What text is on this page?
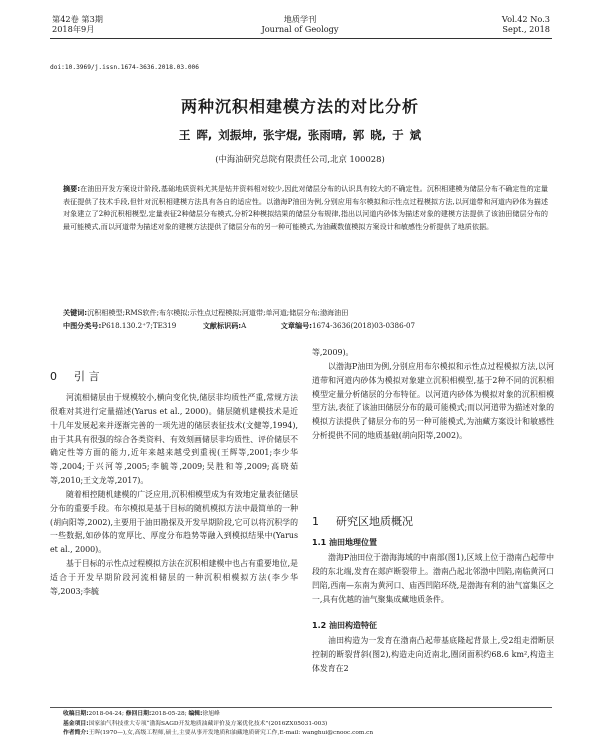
第42卷 第3期
2018年9月
地质学刊
Journal of Geology
Vol.42 No.3
Sept., 2018
doi:10.3969/j.issn.1674-3636.2018.03.006
两种沉积相建模方法的对比分析
王 晖, 刘振坤, 张宇焜, 张雨晴, 郭 晓, 于 斌
(中海油研究总院有限责任公司,北京 100028)
摘要:在油田开发方案设计阶段,基础地质资料尤其是钻井资料相对较少,因此对储层分布的认识具有较大的不确定性。沉积相建模为储层分布不确定性的定量表征提供了技术手段,但针对沉积相建模方法具有各自的适应性。以渤海P油田为例,分别应用布尔模拟和示性点过程模拟方法,以河道带和河道内砂体为描述对象建立了2种沉积相模型,定量表征2种储层分布模式,分析2种模拟结果的储层分布规律,指出以河道内砂体为描述对象的建模方法提供了该油田储层分布的最可能模式,而以河道带为描述对象的建模方法提供了储层分布的另一种可能模式,为油藏数值模拟方案设计和敏感性分析提供了地质依据。
关键词:沉积相模型;RMS软件;布尔模拟;示性点过程模拟;河道带;单河道;储层分布;渤海油田
中图分类号:P618.130.2⁺7;TE319	文献标识码:A	文章编号:1674-3636(2018)03-0386-07
0 引 言

河流相储层由于规模较小,横向变化快,储层非均质性严重,常规方法很难对其进行定量描述(Yarus et al., 2000)。储层随机建模技术是近十几年发展起来并逐渐完善的一项先进的储层表征技术(文健等,1994),由于其具有很强的综合各类资料、有效刻画储层非均质性、评价储层不确定性等方面的能力,近年来越来越受到重视(王辉等,2001;李少华等,2004;于兴河等,2005;李毓等,2009;吴胜和等,2009;高晓茹等,2010;王文龙等,2017)。

随着相控随机建模的广泛应用,沉积相模型成为有效地定量表征储层分布的重要手段。布尔模拟是基于目标的随机模拟方法中最简单的一种(胡向阳等,2002),主要用于油田勘探及开发早期阶段,它可以将沉积学的一些数据,如砂体的宽厚比、厚度分布趋势等融入到模拟结果中(Yarus et al., 2000)。

基于目标的示性点过程模拟方法在沉积相建模中也占有重要地位,是适合于开发早期阶段河流相储层的一种沉积相模拟方法(李少华等,2003;李毓

等,2009)。

以渤海P油田为例,分别应用布尔模拟和示性点过程模拟方法,以河道带和河道内砂体为模拟对象建立沉积相模型,基于2种不同的沉积相模型定量分析储层的分布特征。以河道内砂体为模拟对象的沉积相模型方法,表征了该油田储层分布的最可能模式;而以河道带为描述对象的模拟方法提供了储层分布的另一种可能模式,为油藏方案设计和敏感性分析提供不同的地质基础(胡向阳等,2002)。

1 研究区地质概况
1.1 油田地理位置

渤海P油田位于渤海海域的中南部(图1),区域上位于渤南凸起带中段的东北端,发育在郯庐断裂带上。渤南凸起北邻渤中凹陷,南临黄河口凹陷,西南—东南为黄河口、庙西凹陷环绕,是渤海有利的油气富集区之一,具有优越的油气聚集成藏地质条件。

1.2 油田构造特征

油田构造为一发育在渤南凸起带基底隆起背景上,受2组走滑断层控制的断裂背斜(图2),构造走向近南北,圈闭面积约68.6 km²,构造主体发育在2

收稿日期:2018-04-24; 修回日期:2018-05-28; 编辑:徐旭峰
基金项目:国家油气科技重大专项“渤海SAGD开发地质油藏评价及方案优化技术”(2016ZX05031-003)
作者简介:王晖(1970—),女,高级工程师,硕士,主要从事开发地质和油藏地质研究工作,E-mail: wanghui@cnooc.com.cn
